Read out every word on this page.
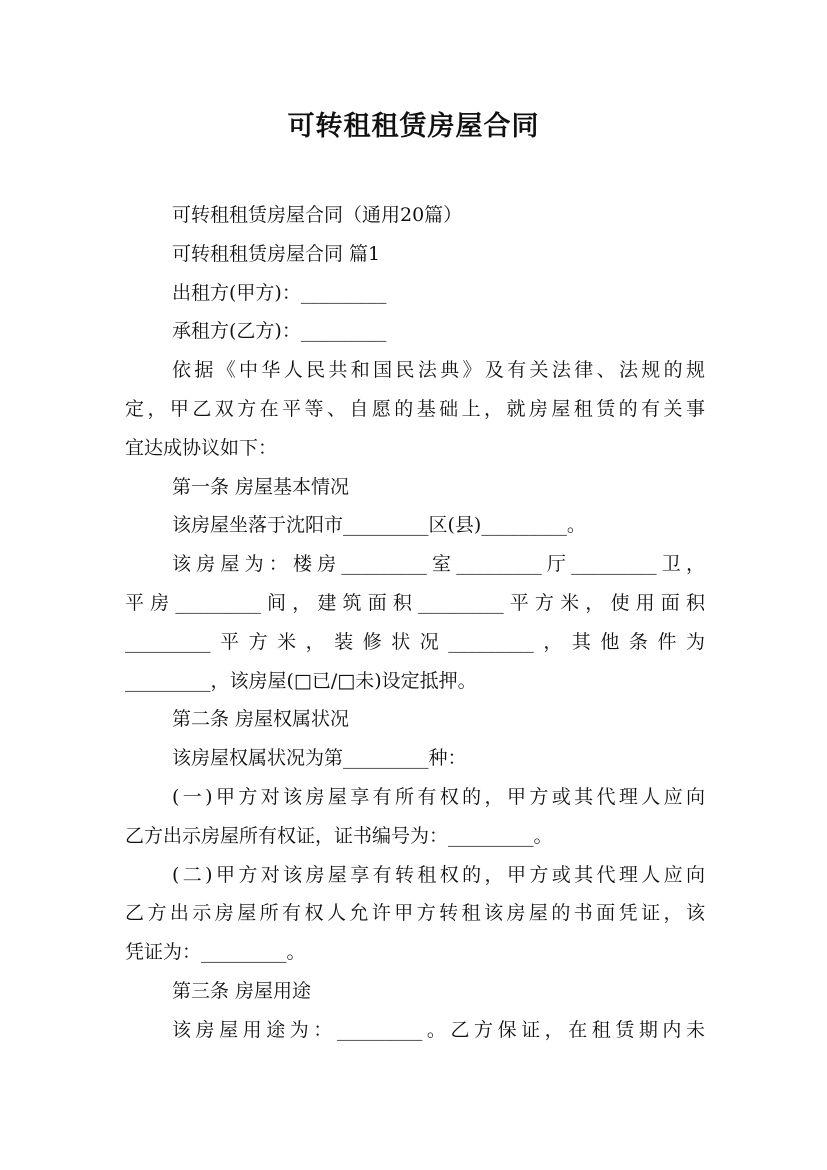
可转租租赁房屋合同
可转租租赁房屋合同（通用20篇）
可转租租赁房屋合同 篇1
出租方(甲方)：_________
承租方(乙方)：_________
依据《中华人民共和国民法典》及有关法律、法规的规
定，甲乙双方在平等、自愿的基础上，就房屋租赁的有关事
宜达成协议如下：
第一条 房屋基本情况
该房屋坐落于沈阳市_________区(县)_________。
该房屋为：楼房_________室_________厅_________卫，
平房_________间，建筑面积_________平方米，使用面积
_________平方米，装修状况_________，其他条件为
_________，该房屋(□已/□未)设定抵押。
第二条 房屋权属状况
该房屋权属状况为第_________种：
(一)甲方对该房屋享有所有权的，甲方或其代理人应向
乙方出示房屋所有权证，证书编号为：_________。
(二)甲方对该房屋享有转租权的，甲方或其代理人应向
乙方出示房屋所有权人允许甲方转租该房屋的书面凭证，该
凭证为：_________。
第三条 房屋用途
该房屋用途为：_________。乙方保证，在租赁期内未
